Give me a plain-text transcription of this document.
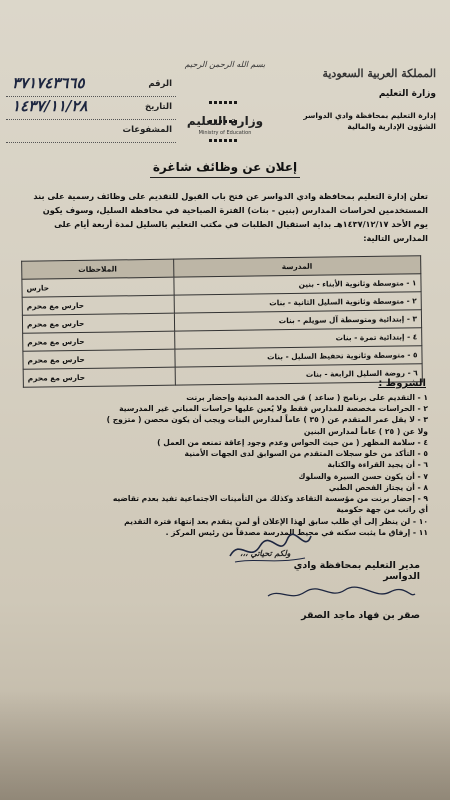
المملكة العربية السعودية
وزارة التعليم
إدارة التعليم بمحافظة وادي الدواسر
الشؤون الإدارية والمالية
بسم الله الرحمن الرحيم

وزارة التعليم
Ministry of Education
الرقم
٣٧١٧٤٣٦٦٥
التاريخ
١٤٣٧/١١/٢٨
المشفوعات
إعلان عن وظائف شاغرة
تعلن إدارة التعليم بمحافظة وادي الدواسر عن فتح باب القبول للتقديم على وظائف رسمية على بند المستخدمين لحراسات المدارس (بنين - بنات) الفترة الصباحية في محافظة السليل، وسوف يكون يوم الأحد ١٤٣٧/١٢/١٧هـ بداية استقبال الطلبات في مكتب التعليم بالسليل لمدة أربعة أيام على المدارس التالية:
المدرسة	الملاحظات
١ - متوسطة وثانوية الأبناء - بنين	حارس
٢ - متوسطة وثانوية السليل الثانية - بنات	حارس مع محرم
٣ - إبتدائية ومتوسطة آل سويلم - بنات	حارس مع محرم
٤ - إبتدائية تمرة - بنات	حارس مع محرم
٥ - متوسطة وثانوية تحفيظ السليل - بنات	حارس مع محرم
٦ - روضة السليل الرابعة - بنات	حارس مع محرم
الشروط :
١ - التقديم على برنامج ( ساعد ) في الخدمة المدنية وإحضار برنت
٢ - الحراسات مخصصة للمدارس فقط ولا يُعين عليها حراسات المباني غير المدرسية
٣ - لا يقل عمر المتقدم عن ( ٣٥ ) عاماً لمدارس البنات ويجب أن يكون محصن ( متزوج )
ولا عن ( ٢٥ ) عاماً لمدارس البنين
٤ - سلامة المظهر ( من حيث الحواس وعدم وجود إعاقة تمنعه من العمل )
٥ - التأكد من خلو سجلات المتقدم من السوابق لدى الجهات الأمنية
٦ - أن يجيد القراءة والكتابة
٧ - أن يكون حسن السيرة والسلوك
٨ - أن يجتاز الفحص الطبي
٩ - إحضار برنت من مؤسسة التقاعد وكذلك من التأمينات الاجتماعية تفيد بعدم تقاضيه
أي راتب من جهة حكومية
١٠ - لن ينظر إلى أي طلب سابق لهذا الإعلان أو لمن يتقدم بعد إنتهاء فترة التقديم
١١ - إرفاق ما يثبت سكنه في محيط المدرسة مصدقاً من رئيس المركز .
ولكم تحياتي ،،،
مدير التعليم بمحافظة وادي الدواسر
صقر بن فهاد ماجد الصقر
